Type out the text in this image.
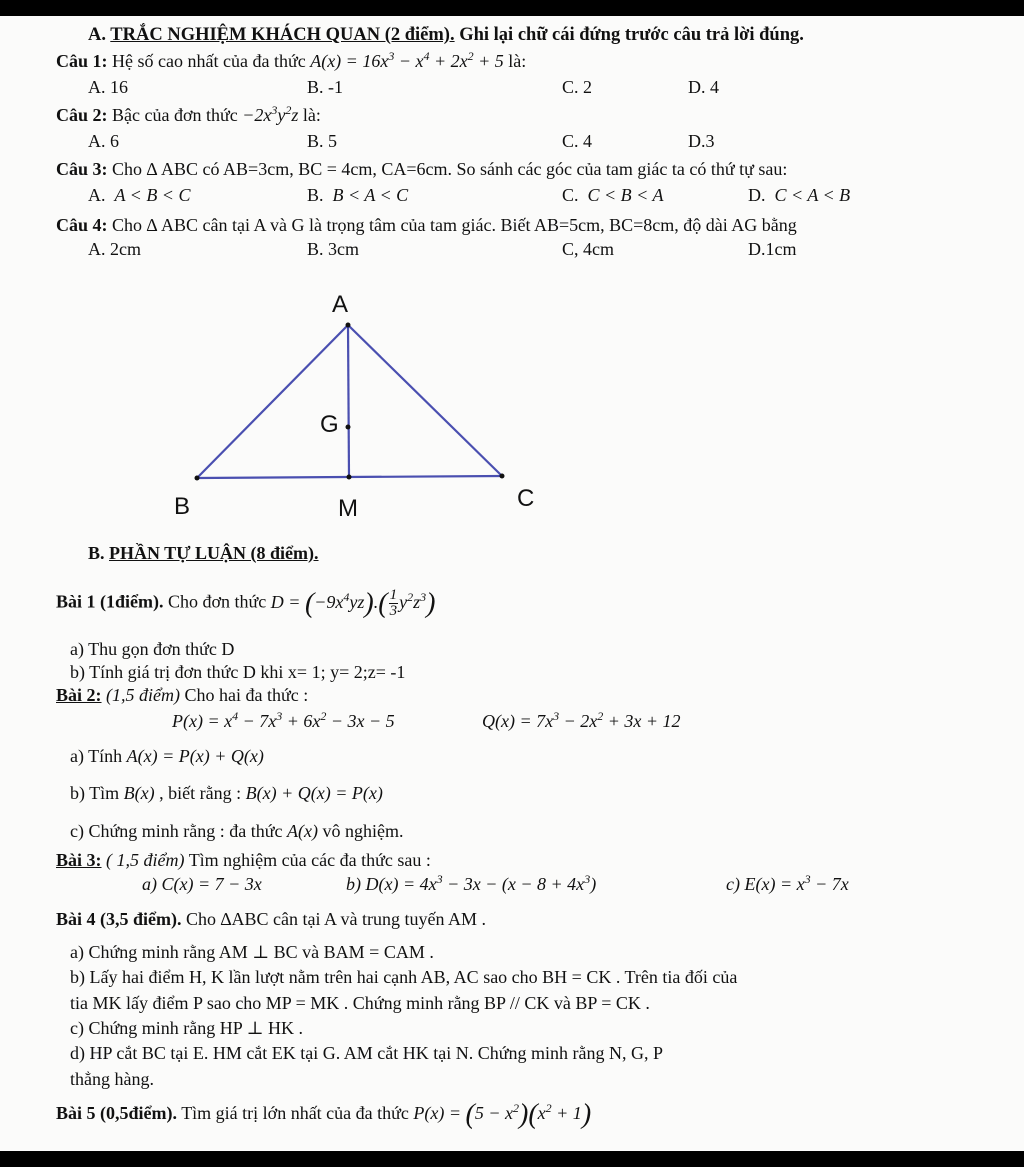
A. TRẮC NGHIỆM KHÁCH QUAN (2 điểm). Ghi lại chữ cái đứng trước câu trả lời đúng.
Câu 1: Hệ số cao nhất của đa thức $A(x) = 16x^3 - x^4 + 2x^2 + 5$ là:
A. 16	B. -1	C. 2	D. 4
Câu 2: Bậc của đơn thức $-2x^3y^2z$ là:
A. 6	B. 5	C. 4	D.3
Câu 3: Cho ∆ ABC có AB=3cm, BC = 4cm, CA=6cm. So sánh các góc của tam giác ta có thứ tự sau:
A. A < B < C	B. B < A < C	C. C < B < A	D. C < A < B
Câu 4: Cho ∆ ABC cân tại A và G là trọng tâm của tam giác. Biết AB=5cm, BC=8cm, độ dài AG bằng
A. 2cm	B. 3cm	C, 4cm	D.1cm
A
G
B	M	C
B. PHẦN TỰ LUẬN (8 điểm).
Bài 1 (1điểm). Cho đơn thức $D = (-9x^4yz).( \frac{1}{3} y^2z^3)$
a) Thu gọn đơn thức D
b) Tính giá trị đơn thức D khi x= 1; y= 2;z= -1
Bài 2: (1,5 điểm) Cho hai đa thức :
$P(x) = x^4 - 7x^3 + 6x^2 - 3x - 5$	$Q(x) = 7x^3 - 2x^2 + 3x + 12$
a) Tính A(x) = P(x) + Q(x)
b) Tìm B(x) , biết rằng : B(x) + Q(x) = P(x)
c) Chứng minh rằng : đa thức A(x) vô nghiệm.
Bài 3: ( 1,5 điểm) Tìm nghiệm của các đa thức sau :
a) C(x) = 7 − 3x	b) $D(x) = 4x^3 - 3x - (x - 8 + 4x^3)$	c) $E(x) = x^3 - 7x$
Bài 4 (3,5 điểm). Cho ∆ABC cân tại A và trung tuyến AM .
a) Chứng minh rằng AM ⊥ BC và BAM = CAM .
b) Lấy hai điểm H, K lần lượt nằm trên hai cạnh AB, AC sao cho BH = CK . Trên tia đối của
tia MK lấy điểm P sao cho MP = MK . Chứng minh rằng BP // CK và BP = CK .
c) Chứng minh rằng HP ⊥ HK .
d) HP cắt BC tại E. HM cắt EK tại G. AM cắt HK tại N. Chứng minh rằng N, G, P
thẳng hàng.
Bài 5 (0,5điểm). Tìm giá trị lớn nhất của đa thức $P(x) = (5 - x^2)(x^2 + 1)$
